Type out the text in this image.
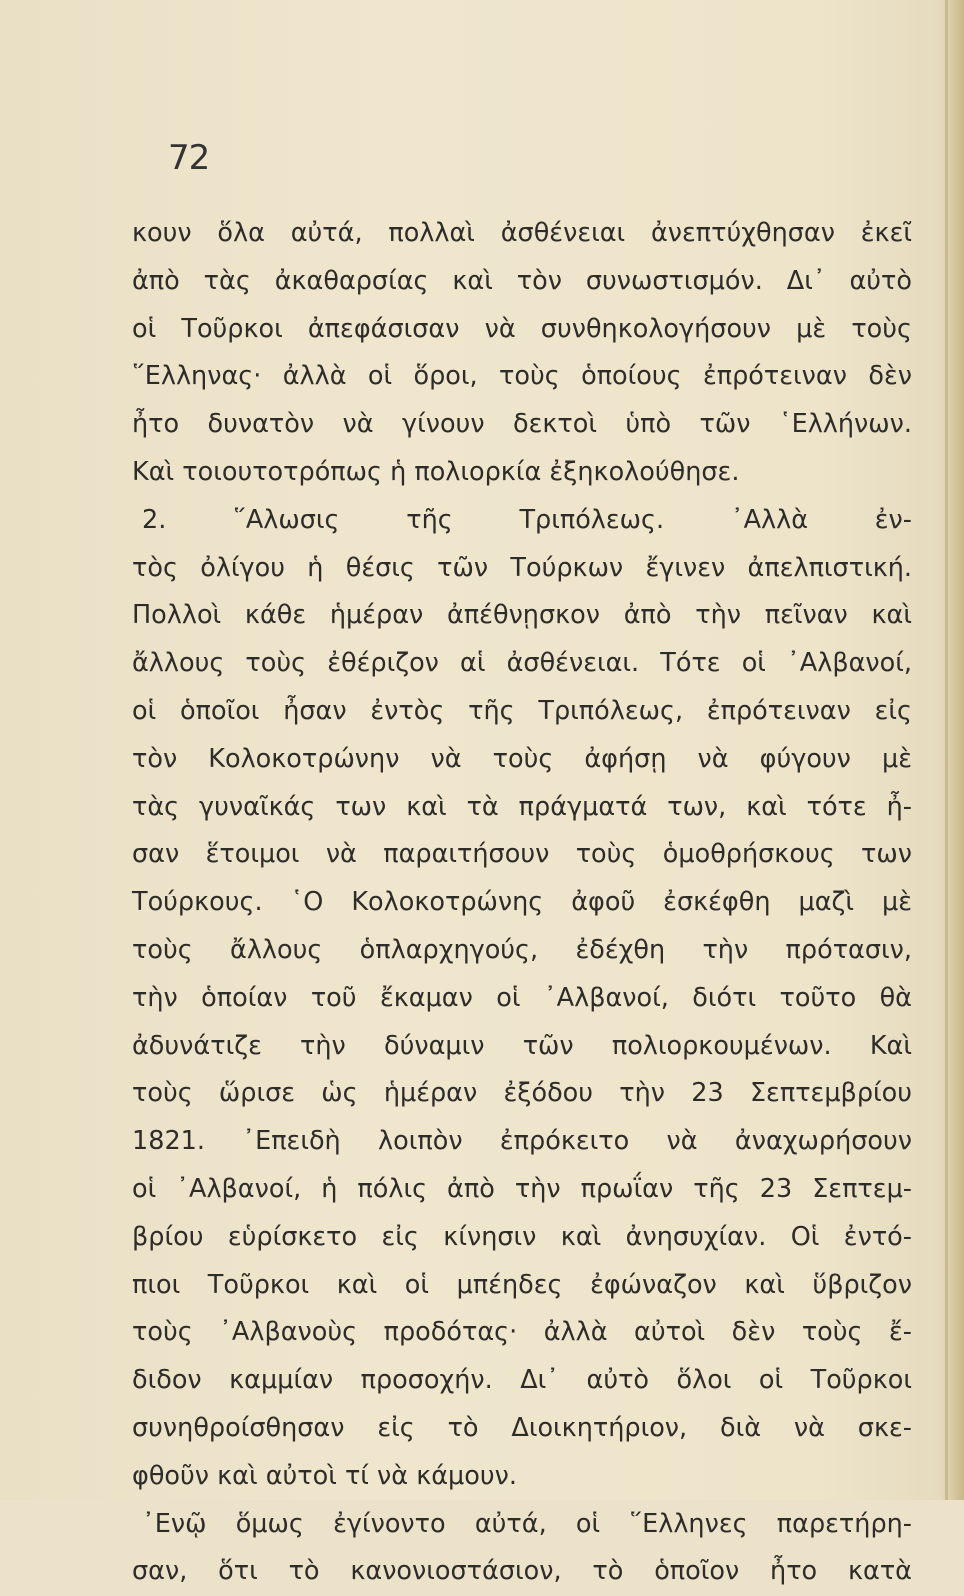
72
κουν ὅλα αὐτά, πολλαὶ ἀσθένειαι ἀνεπτύχθησαν ἐκεῖ
ἀπὸ τὰς ἀκαθαρσίας καὶ τὸν συνωστισμόν. Δι᾿ αὐτὸ
οἱ Τοῦρκοι ἀπεφάσισαν νὰ συνθηκολογήσουν μὲ τοὺς
῞Ελληνας· ἀλλὰ οἱ ὅροι, τοὺς ὁποίους ἐπρότειναν δὲν
ἦτο δυνατὸν νὰ γίνουν δεκτοὶ ὑπὸ τῶν ῾Ελλήνων.
Καὶ τοιουτοτρόπως ἡ πολιορκία ἐξηκολούθησε.
2. ῞Αλωσις τῆς Τριπόλεως. ᾿Αλλὰ ἐν-
τὸς ὀλίγου ἡ θέσις τῶν Τούρκων ἔγινεν ἀπελπιστική.
Πολλοὶ κάθε ἡμέραν ἀπέθνῃσκον ἀπὸ τὴν πεῖναν καὶ
ἄλλους τοὺς ἐθέριζον αἱ ἀσθένειαι. Τότε οἱ ᾿Αλβανοί,
οἱ ὁποῖοι ἦσαν ἐντὸς τῆς Τριπόλεως, ἐπρότειναν εἰς
τὸν Κολοκοτρώνην νὰ τοὺς ἀφήσῃ νὰ φύγουν μὲ
τὰς γυναῖκάς των καὶ τὰ πράγματά των, καὶ τότε ἦ-
σαν ἕτοιμοι νὰ παραιτήσουν τοὺς ὁμοθρήσκους των
Τούρκους. ῾Ο Κολοκοτρώνης ἀφοῦ ἐσκέφθη μαζὶ μὲ
τοὺς ἄλλους ὁπλαρχηγούς, ἐδέχθη τὴν πρότασιν,
τὴν ὁποίαν τοῦ ἔκαμαν οἱ ᾿Αλβανοί, διότι τοῦτο θὰ
ἀδυνάτιζε τὴν δύναμιν τῶν πολιορκουμένων. Καὶ
τοὺς ὥρισε ὡς ἡμέραν ἐξόδου τὴν 23 Σεπτεμβρίου
1821. ᾿Επειδὴ λοιπὸν ἐπρόκειτο νὰ ἀναχωρήσουν
οἱ ᾿Αλβανοί, ἡ πόλις ἀπὸ τὴν πρωΐαν τῆς 23 Σεπτεμ-
βρίου εὑρίσκετο εἰς κίνησιν καὶ ἀνησυχίαν. Οἱ ἐντό-
πιοι Τοῦρκοι καὶ οἱ μπέηδες ἐφώναζον καὶ ὕβριζον
τοὺς ᾿Αλβανοὺς προδότας· ἀλλὰ αὐτοὶ δὲν τοὺς ἔ-
διδον καμμίαν προσοχήν. Δι᾿ αὐτὸ ὅλοι οἱ Τοῦρκοι
συνηθροίσθησαν εἰς τὸ Διοικητήριον, διὰ νὰ σκε-
φθοῦν καὶ αὐτοὶ τί νὰ κάμουν.
᾿Ενῷ ὅμως ἐγίνοντο αὐτά, οἱ ῞Ελληνες παρετήρη-
σαν, ὅτι τὸ κανονιοστάσιον, τὸ ὁποῖον ἦτο κατὰ
